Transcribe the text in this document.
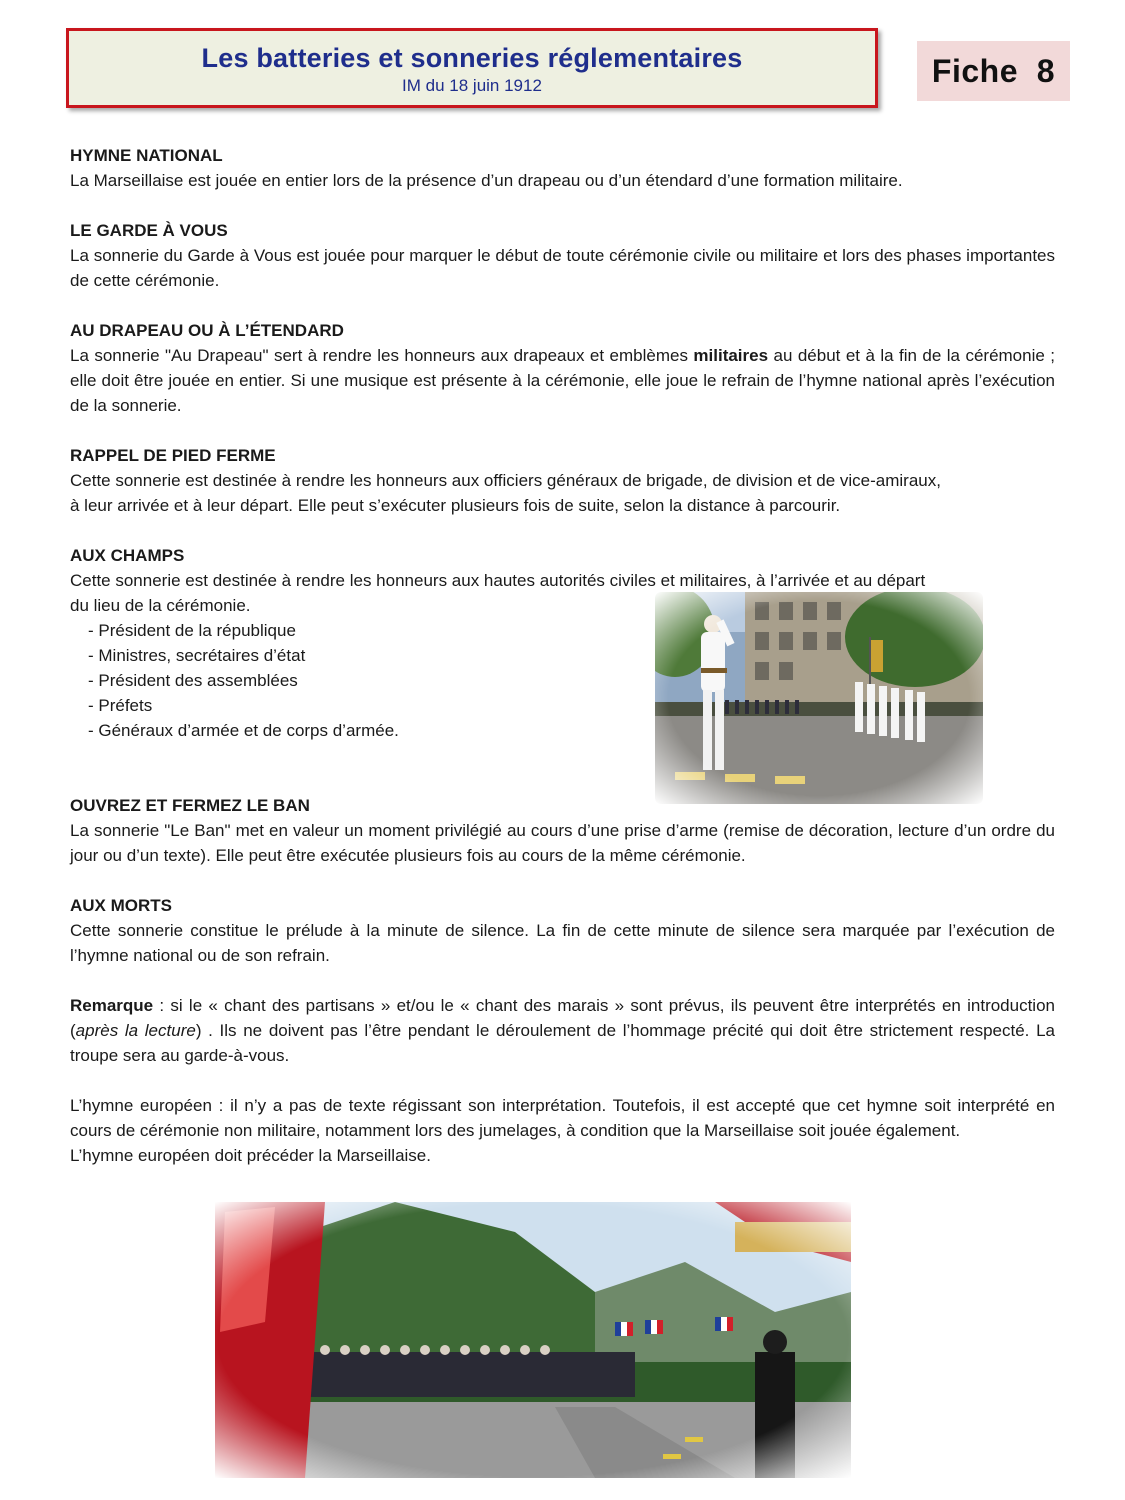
Les batteries et sonneries réglementaires
IM du 18 juin 1912	Fiche  8
HYMNE NATIONAL

La Marseillaise est jouée en entier lors de la présence d’un drapeau ou d’un étendard d’une formation militaire.

LE GARDE À VOUS

La sonnerie du Garde à Vous est jouée pour marquer le début de toute cérémonie civile ou militaire et lors des phases importantes de cette cérémonie.

AU DRAPEAU OU À L’ÉTENDARD

La sonnerie "Au Drapeau" sert à rendre les honneurs aux drapeaux et emblèmes militaires au début et à la fin de la cérémonie ; elle doit être jouée en entier. Si une musique est présente à la cérémonie, elle joue le refrain de l’hymne national après l’exécution de la sonnerie.

RAPPEL DE PIED FERME

Cette sonnerie est destinée à rendre les honneurs aux officiers généraux de brigade, de division et de vice-amiraux,

à leur arrivée et à leur départ. Elle peut s’exécuter plusieurs fois de suite, selon la distance à parcourir.

AUX CHAMPS

Cette sonnerie est destinée à rendre les honneurs aux hautes autorités civiles et militaires, à l’arrivée et au départ

du lieu de la cérémonie.

- Président de la république
- Ministres, secrétaires d’état
- Président des assemblées
- Préfets
- Généraux d’armée et de corps d’armée.
OUVREZ ET FERMEZ LE BAN

La sonnerie "Le Ban" met en valeur un moment privilégié au cours d’une prise d’arme (remise de décoration, lecture d’un ordre du jour ou d’un texte). Elle peut être exécutée plusieurs fois au cours de la même cérémonie.

AUX MORTS

Cette sonnerie constitue le prélude à la minute de silence. La fin de cette minute de silence sera marquée par l’exécution de l’hymne national ou de son refrain.

Remarque : si le « chant des partisans » et/ou le « chant des marais » sont prévus, ils peuvent être interprétés en introduction (après la lecture) . Ils ne doivent pas l’être pendant le déroulement de l’hommage précité qui doit être strictement respecté. La troupe sera au garde-à-vous.

L’hymne européen : il n’y a pas de texte régissant son interprétation. Toutefois, il est accepté que cet hymne soit interprété en cours de cérémonie non militaire, notamment lors des jumelages, à condition que la Marseillaise soit jouée également.

L’hymne européen doit précéder la Marseillaise.
